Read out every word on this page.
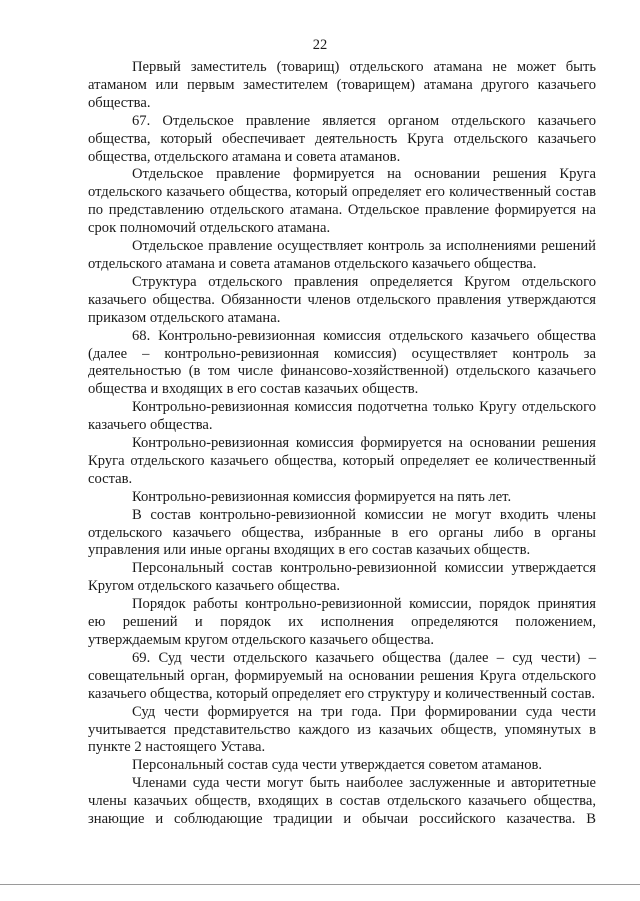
22

Первый заместитель (товарищ) отдельского атамана не может быть атаманом или первым заместителем (товарищем) атамана другого казачьего общества.

67. Отдельское правление является органом отдельского казачьего общества, который обеспечивает деятельность Круга отдельского казачьего общества, отдельского атамана и совета атаманов.

Отдельское правление формируется на основании решения Круга отдельского казачьего общества, который определяет его количественный состав по представлению отдельского атамана. Отдельское правление формируется на срок полномочий отдельского атамана.

Отдельское правление осуществляет контроль за исполнениями решений отдельского атамана и совета атаманов отдельского казачьего общества.

Структура отдельского правления определяется Кругом отдельского казачьего общества. Обязанности членов отдельского правления утверждаются приказом отдельского атамана.

68. Контрольно-ревизионная комиссия отдельского казачьего общества (далее – контрольно-ревизионная комиссия) осуществляет контроль за деятельностью (в том числе финансово-хозяйственной) отдельского казачьего общества и входящих в его состав казачьих обществ.

Контрольно-ревизионная комиссия подотчетна только Кругу отдельского казачьего общества.

Контрольно-ревизионная комиссия формируется на основании решения Круга отдельского казачьего общества, который определяет ее количественный состав.

Контрольно-ревизионная комиссия формируется на пять лет.

В состав контрольно-ревизионной комиссии не могут входить члены отдельского казачьего общества, избранные в его органы либо в органы управления или иные органы входящих в его состав казачьих обществ.

Персональный состав контрольно-ревизионной комиссии утверждается Кругом отдельского казачьего общества.

Порядок работы контрольно-ревизионной комиссии, порядок принятия ею решений и порядок их исполнения определяются положением, утверждаемым кругом отдельского казачьего общества.

69. Суд чести отдельского казачьего общества (далее – суд чести) – совещательный орган, формируемый на основании решения Круга отдельского казачьего общества, который определяет его структуру и количественный состав.

Суд чести формируется на три года. При формировании суда чести учитывается представительство каждого из казачьих обществ, упомянутых в пункте 2 настоящего Устава.

Персональный состав суда чести утверждается советом атаманов.

Членами суда чести могут быть наиболее заслуженные и авторитетные члены казачьих обществ, входящих в состав отдельского казачьего общества, знающие и соблюдающие традиции и обычаи российского казачества. В
